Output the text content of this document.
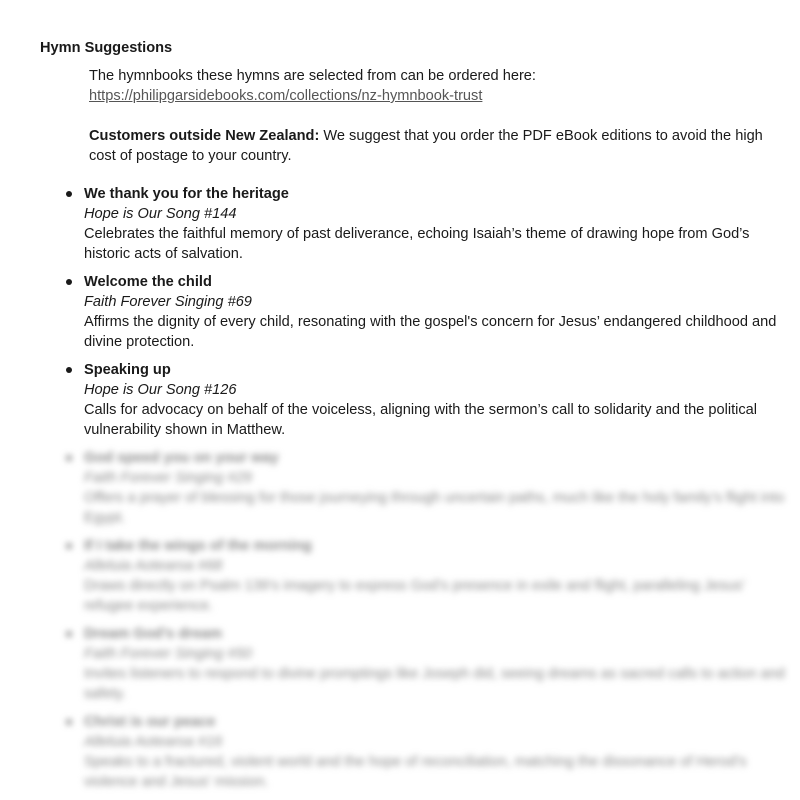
Hymn Suggestions
The hymnbooks these hymns are selected from can be ordered here:
https://philipgarsidebooks.com/collections/nz-hymnbook-trust
Customers outside New Zealand: We suggest that you order the PDF eBook editions to avoid the high cost of postage to your country.
We thank you for the heritage
Hope is Our Song #144
Celebrates the faithful memory of past deliverance, echoing Isaiah’s theme of drawing hope from God’s historic acts of salvation.
Welcome the child
Faith Forever Singing #69
Affirms the dignity of every child, resonating with the gospel's concern for Jesus’ endangered childhood and divine protection.
Speaking up
Hope is Our Song #126
Calls for advocacy on behalf of the voiceless, aligning with the sermon’s call to solidarity and the political vulnerability shown in Matthew.
God speed you on your way
Faith Forever Singing #29
Offers a prayer of blessing for those journeying through uncertain paths, much like the holy family’s flight into Egypt.
If I take the wings of the morning
Alleluia Aotearoa #68
Draws directly on Psalm 139’s imagery to express God’s presence in exile and flight, paralleling Jesus’ refugee experience.
Dream God’s dream
Faith Forever Singing #50
Invites listeners to respond to divine promptings like Joseph did, seeing dreams as sacred calls to action and safety.
Christ is our peace
Alleluia Aotearoa #16
Speaks to a fractured, violent world and the hope of reconciliation, matching the dissonance of Herod’s violence and Jesus’ mission.
